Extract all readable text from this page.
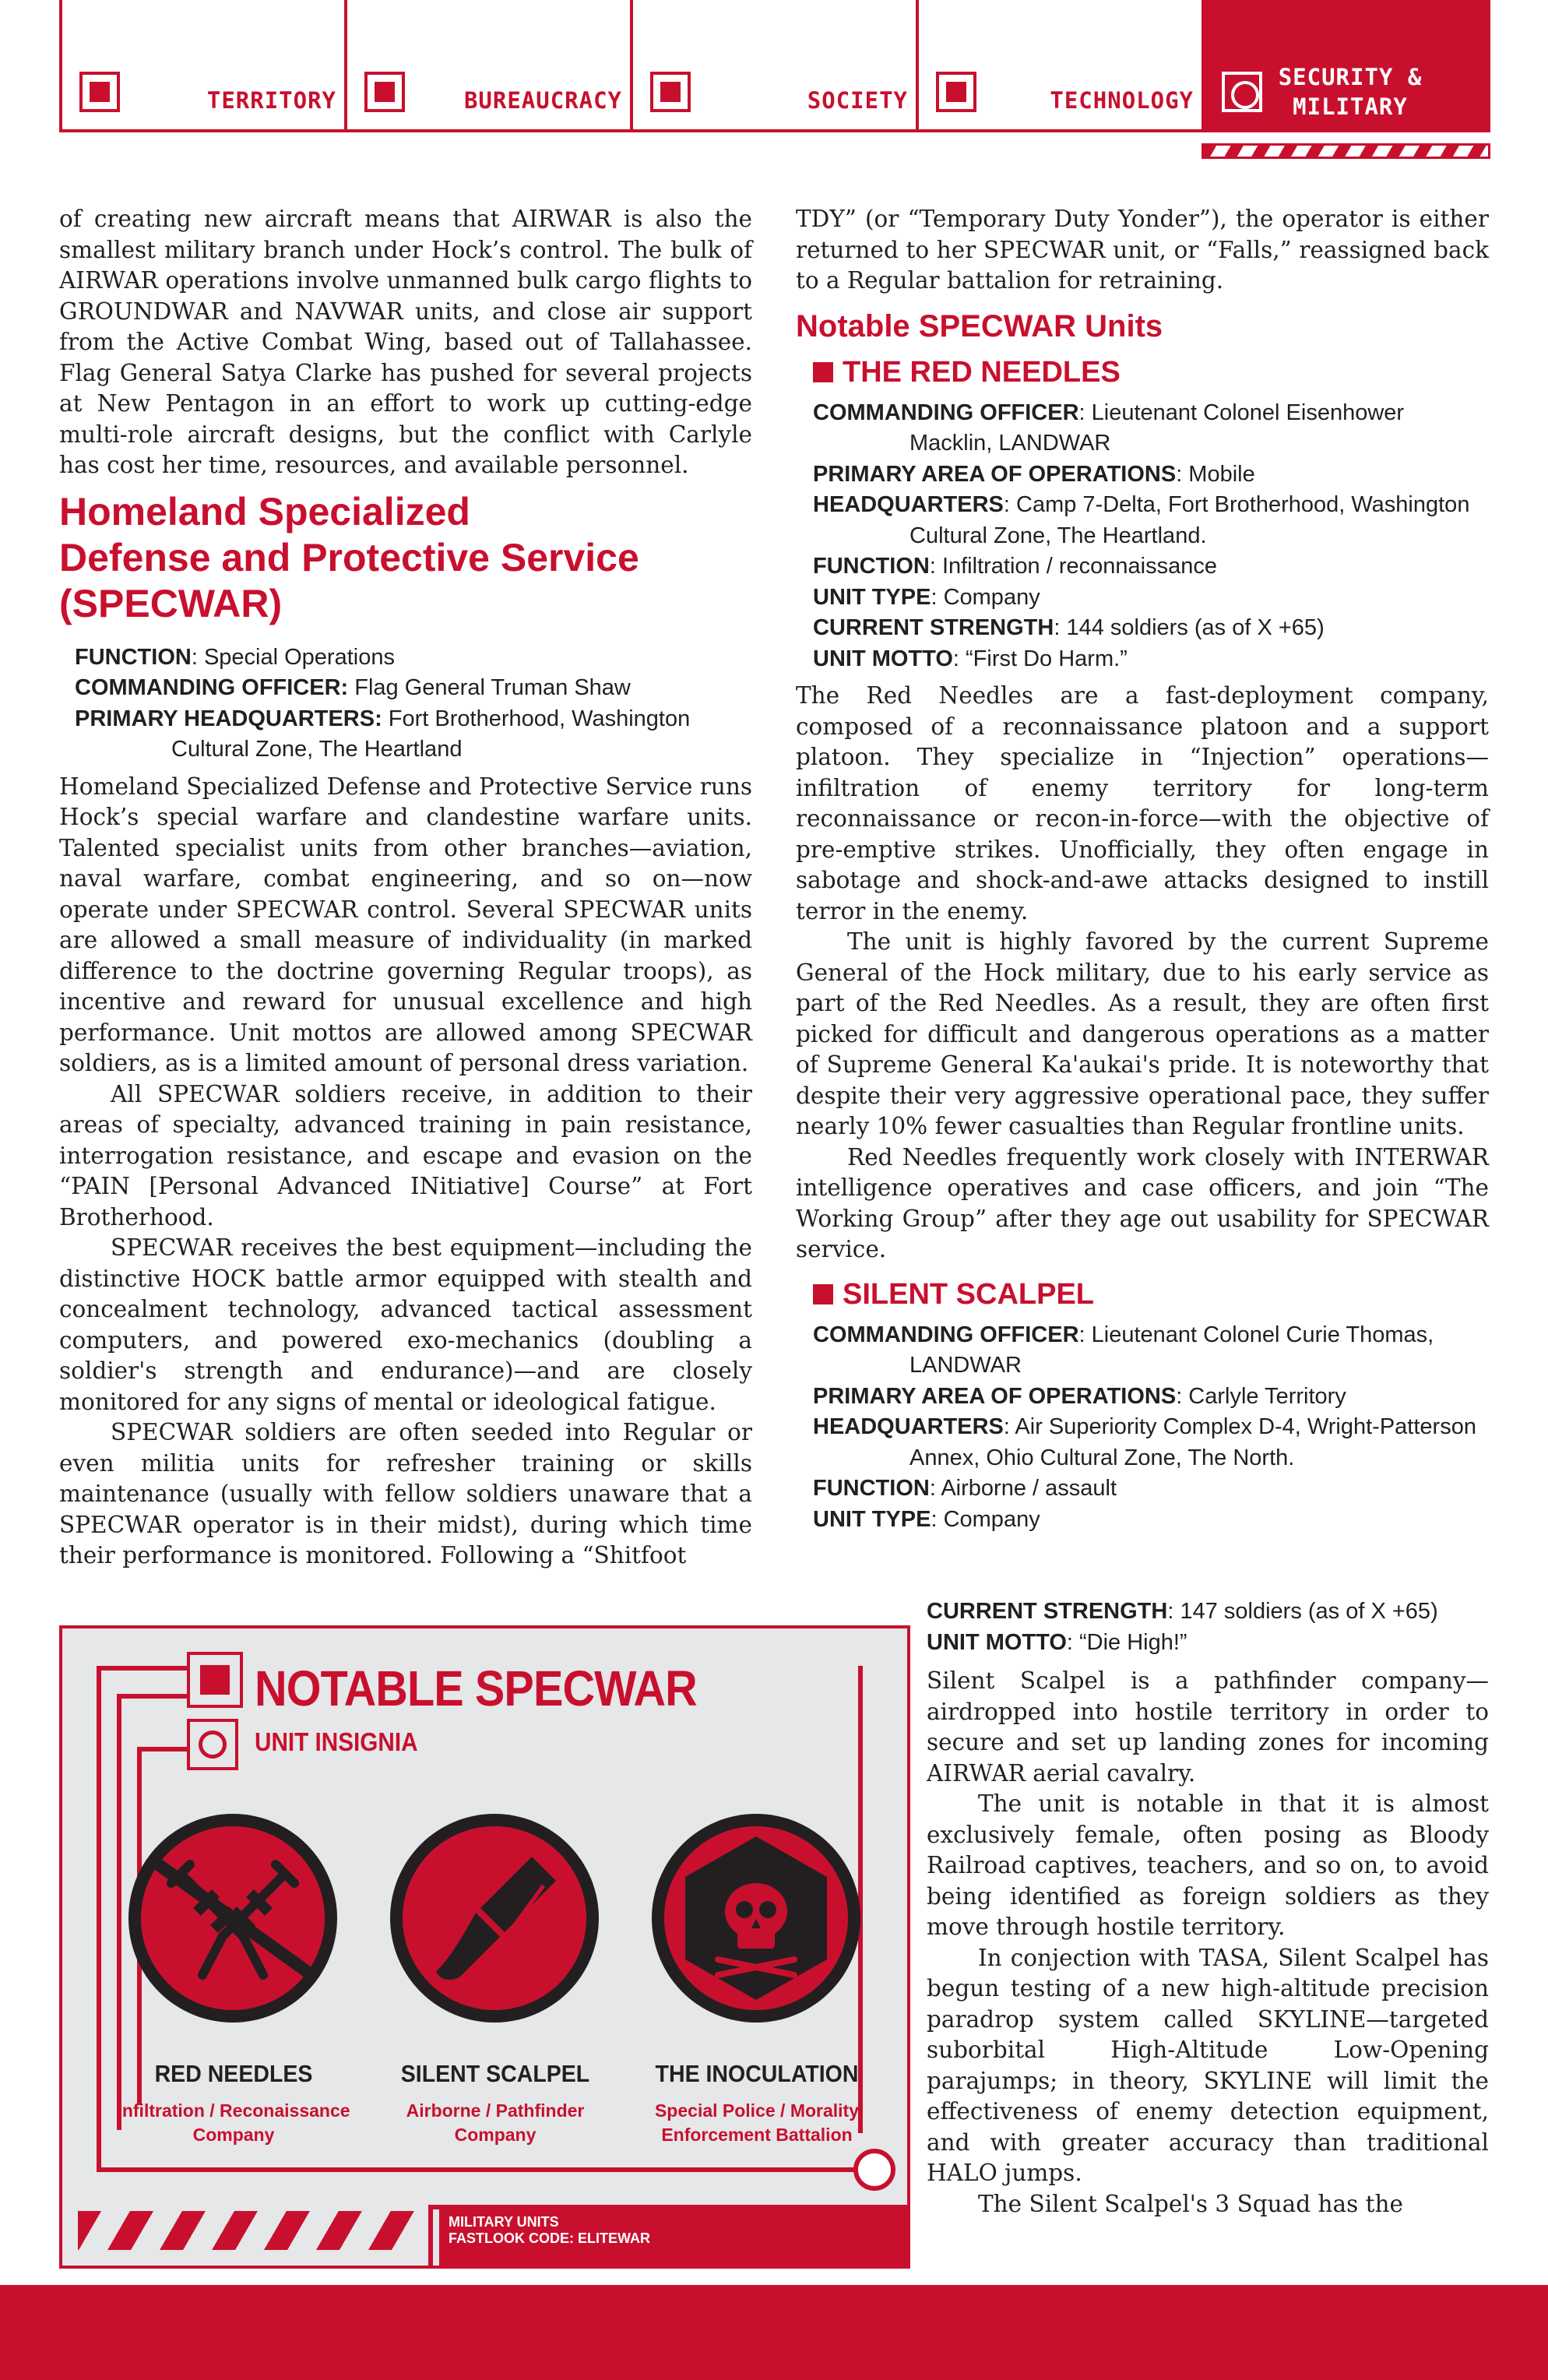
TERRITORY	BUREAUCRACY	SOCIETY	TECHNOLOGY
SECURITY &
MILITARY

of creating new aircraft means that AIRWAR is also the smallest military branch under Hock’s control. The bulk of AIRWAR operations involve unmanned bulk cargo flights to GROUNDWAR and NAVWAR units, and close air support from the Active Combat Wing, based out of Tallahassee. Flag General Satya Clarke has pushed for several projects at New Pentagon in an effort to work up cutting-edge multi-role aircraft designs, but the conflict with Carlyle has cost her time, resources, and available personnel.

Homeland Specialized
Defense and Protective Service
(SPECWAR)
FUNCTION: Special Operations
COMMANDING OFFICER: Flag General Truman Shaw
PRIMARY HEADQUARTERS: Fort Brotherhood, Washington Cultural Zone, The Heartland

Homeland Specialized Defense and Protective Service runs Hock’s special warfare and clandestine warfare units. Talented specialist units from other branches—aviation, naval warfare, combat engineering, and so on—now operate under SPECWAR control. Several SPECWAR units are allowed a small measure of individuality (in marked difference to the doctrine governing Regular troops), as incentive and reward for unusual excellence and high performance. Unit mottos are allowed among SPECWAR soldiers, as is a limited amount of personal dress variation.

All SPECWAR soldiers receive, in addition to their areas of specialty, advanced training in pain resistance, interrogation resistance, and escape and evasion on the “PAIN [Personal Advanced INitiative] Course” at Fort Brotherhood.

SPECWAR receives the best equipment—including the distinctive HOCK battle armor equipped with stealth and concealment technology, advanced tactical assessment computers, and powered exo-mechanics (doubling a soldier's strength and endurance)—and are closely monitored for any signs of mental or ideological fatigue.

SPECWAR soldiers are often seeded into Regular or even militia units for refresher training or skills maintenance (usually with fellow soldiers unaware that a SPECWAR operator is in their midst), during which time their performance is monitored. Following a “Shitfoot

TDY” (or “Temporary Duty Yonder”), the operator is either returned to her SPECWAR unit, or “Falls,” reassigned back to a Regular battalion for retraining.

Notable SPECWAR Units
THE RED NEEDLES
COMMANDING OFFICER: Lieutenant Colonel Eisenhower Macklin, LANDWAR
PRIMARY AREA OF OPERATIONS: Mobile
HEADQUARTERS: Camp 7-Delta, Fort Brotherhood, Washington Cultural Zone, The Heartland.
FUNCTION: Infiltration / reconnaissance
UNIT TYPE: Company
CURRENT STRENGTH: 144 soldiers (as of X +65)
UNIT MOTTO: “First Do Harm.”

The Red Needles are a fast-deployment company, composed of a reconnaissance platoon and a support platoon. They specialize in “Injection” operations—infiltration of enemy territory for long-term reconnaissance or recon-in-force—with the objective of pre-emptive strikes. Unofficially, they often engage in sabotage and shock-and-awe attacks designed to instill terror in the enemy.

The unit is highly favored by the current Supreme General of the Hock military, due to his early service as part of the Red Needles. As a result, they are often first picked for difficult and dangerous operations as a matter of Supreme General Ka'aukai's pride. It is noteworthy that despite their very aggressive operational pace, they suffer nearly 10% fewer casualties than Regular frontline units.

Red Needles frequently work closely with INTERWAR intelligence operatives and case officers, and join “The Working Group” after they age out usability for SPECWAR service.

SILENT SCALPEL
COMMANDING OFFICER: Lieutenant Colonel Curie Thomas, LANDWAR
PRIMARY AREA OF OPERATIONS: Carlyle Territory
HEADQUARTERS: Air Superiority Complex D-4, Wright-Patterson Annex, Ohio Cultural Zone, The North.
FUNCTION: Airborne / assault
UNIT TYPE: Company
CURRENT STRENGTH: 147 soldiers (as of X +65)
UNIT MOTTO: “Die High!”

Silent Scalpel is a pathfinder company—airdropped into hostile territory in order to secure and set up landing zones for incoming AIRWAR aerial cavalry.

The unit is notable in that it is almost exclusively female, often posing as Bloody Railroad captives, teachers, and so on, to avoid being identified as foreign soldiers as they move through hostile territory.

In conjection with TASA, Silent Scalpel has begun testing of a new high-altitude precision paradrop system called SKYLINE—targeted suborbital High-Altitude Low-Opening parajumps; in theory, SKYLINE will limit the effectiveness of enemy detection equipment, and with greater accuracy than traditional HALO jumps.

The Silent Scalpel's 3 Squad has the

NOTABLE SPECWAR
UNIT INSIGNIA
RED NEEDLES
Infiltration / Reconaissance
Company
SILENT SCALPEL
Airborne / Pathfinder
Company
THE INOCULATION
Special Police / Morality
Enforcement Battalion
MILITARY UNITS
FASTLOOK CODE: ELITEWAR
